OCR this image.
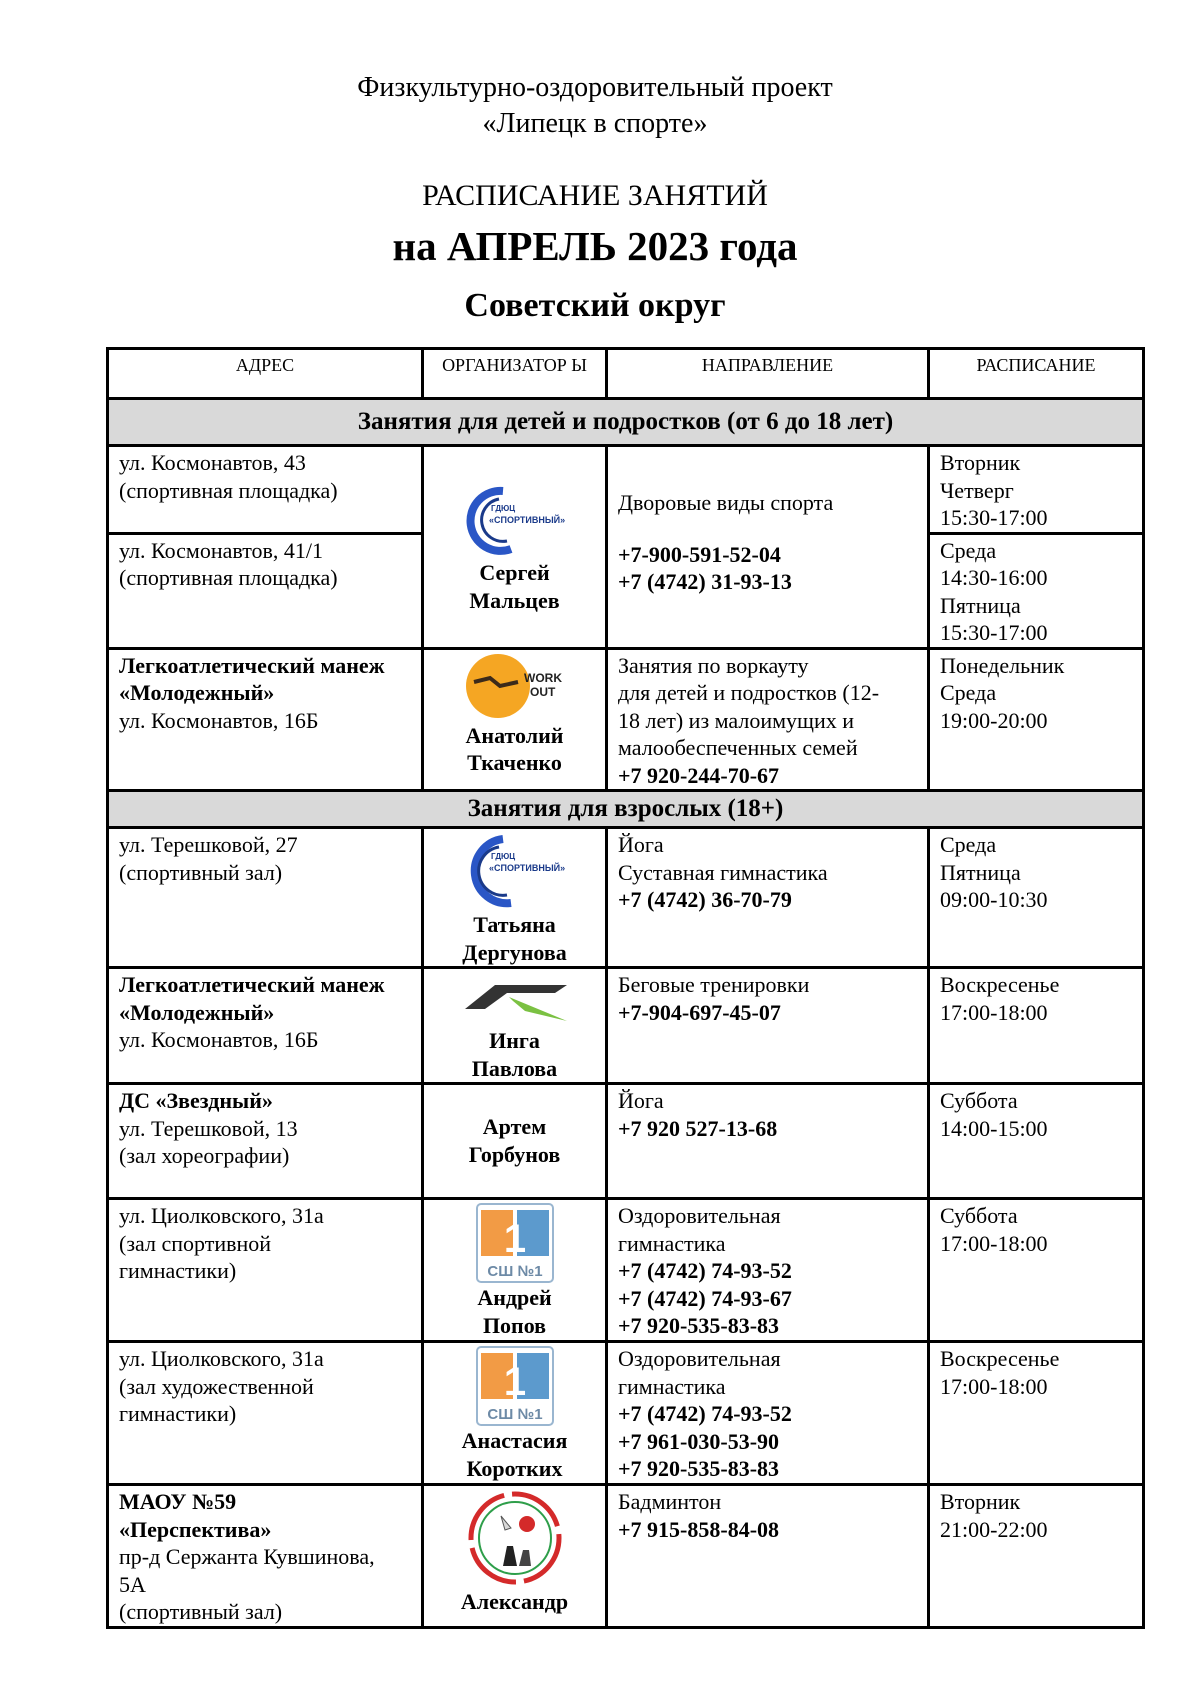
Физкультурно-оздоровительный проект
«Липецк в спорте»
РАСПИСАНИЕ ЗАНЯТИЙ
на АПРЕЛЬ 2023 года
Советский округ
АДРЕС	ОРГАНИЗАТОР Ы	НАПРАВЛЕНИЕ	РАСПИСАНИЕ
Занятия для детей и подростков (от 6 до 18 лет)			

ул. Космонавтов, 43
(спортивная площадка)	ГДЮЦ
«СПОРТИВНЫЙ»
Сергей
Мальцев	Дворовые виды спорта
+7-900-591-52-04
+7 (4742) 31-93-13	Вторник
Четверг
15:30-17:00

ул. Космонавтов, 41/1
(спортивная площадка)			Среда
14:30-16:00
Пятница
15:30-17:00

Легкоатлетический манеж
«Молодежный»
ул. Космонавтов, 16Б	WORK
OUT
Анатолий
Ткаченко	Занятия по воркауту
для детей и подростков (12-
18 лет) из малоимущих и
малообеспеченных семей
+7 920-244-70-67	Понедельник
Среда
19:00-20:00

Занятия для взрослых (18+)			

ул. Терешковой, 27
(спортивный зал)	ГДЮЦ
«СПОРТИВНЫЙ»
Татьяна
Дергунова	Йога
Суставная гимнастика
+7 (4742) 36-70-79	Среда
Пятница
09:00-10:30

Легкоатлетический манеж
«Молодежный»
ул. Космонавтов, 16Б	Инга
Павлова	Беговые тренировки
+7-904-697-45-07	Воскресенье
17:00-18:00

ДС «Звездный»
ул. Терешковой, 13
(зал хореографии)	Артем
Горбунов	Йога
+7 920 527-13-68	Суббота
14:00-15:00

ул. Циолковского, 31а
(зал спортивной
гимнастики)	1
СШ №1
Андрей
Попов	Оздоровительная
гимнастика
+7 (4742) 74-93-52
+7 (4742) 74-93-67
+7 920-535-83-83	Суббота
17:00-18:00

ул. Циолковского, 31а
(зал художественной
гимнастики)	1
СШ №1
Анастасия
Коротких	Оздоровительная
гимнастика
+7 (4742) 74-93-52
+7 961-030-53-90
+7 920-535-83-83	Воскресенье
17:00-18:00

МАОУ №59
«Перспектива»
пр-д Сержанта Кувшинова,
5А
(спортивный зал)	Александр	Бадминтон
+7 915-858-84-08	Вторник
21:00-22:00
